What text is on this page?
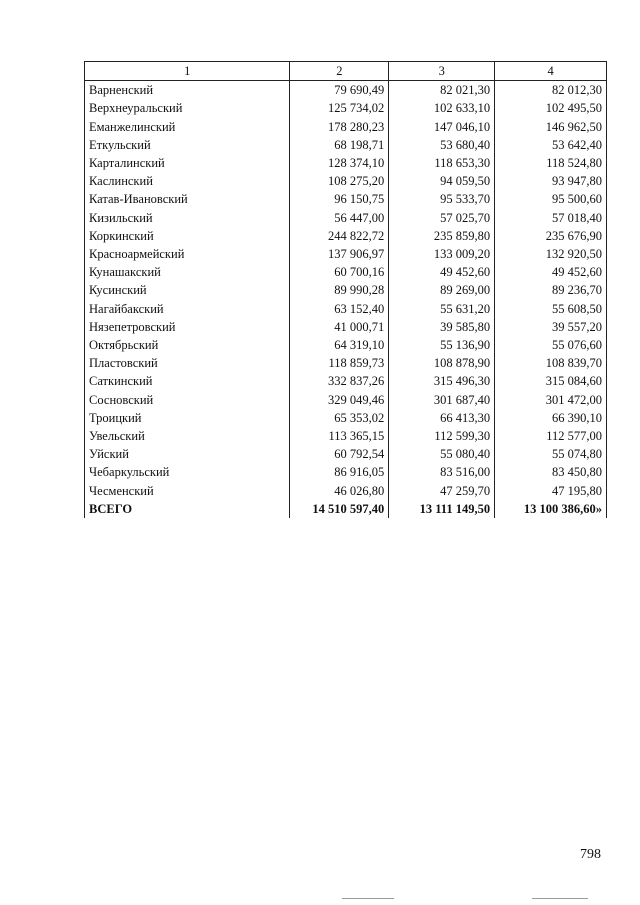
1	2	3	4
Варненский	79 690,49	82 021,30	82 012,30
Верхнеуральский	125 734,02	102 633,10	102 495,50
Еманжелинский	178 280,23	147 046,10	146 962,50
Еткульский	68 198,71	53 680,40	53 642,40
Карталинский	128 374,10	118 653,30	118 524,80
Каслинский	108 275,20	94 059,50	93 947,80
Катав-Ивановский	96 150,75	95 533,70	95 500,60
Кизильский	56 447,00	57 025,70	57 018,40
Коркинский	244 822,72	235 859,80	235 676,90
Красноармейский	137 906,97	133 009,20	132 920,50
Кунашакский	60 700,16	49 452,60	49 452,60
Кусинский	89 990,28	89 269,00	89 236,70
Нагайбакский	63 152,40	55 631,20	55 608,50
Нязепетровский	41 000,71	39 585,80	39 557,20
Октябрьский	64 319,10	55 136,90	55 076,60
Пластовский	118 859,73	108 878,90	108 839,70
Саткинский	332 837,26	315 496,30	315 084,60
Сосновский	329 049,46	301 687,40	301 472,00
Троицкий	65 353,02	66 413,30	66 390,10
Увельский	113 365,15	112 599,30	112 577,00
Уйский	60 792,54	55 080,40	55 074,80
Чебаркульский	86 916,05	83 516,00	83 450,80
Чесменский	46 026,80	47 259,70	47 195,80
ВСЕГО	14 510 597,40	13 111 149,50	13 100 386,60»
798
